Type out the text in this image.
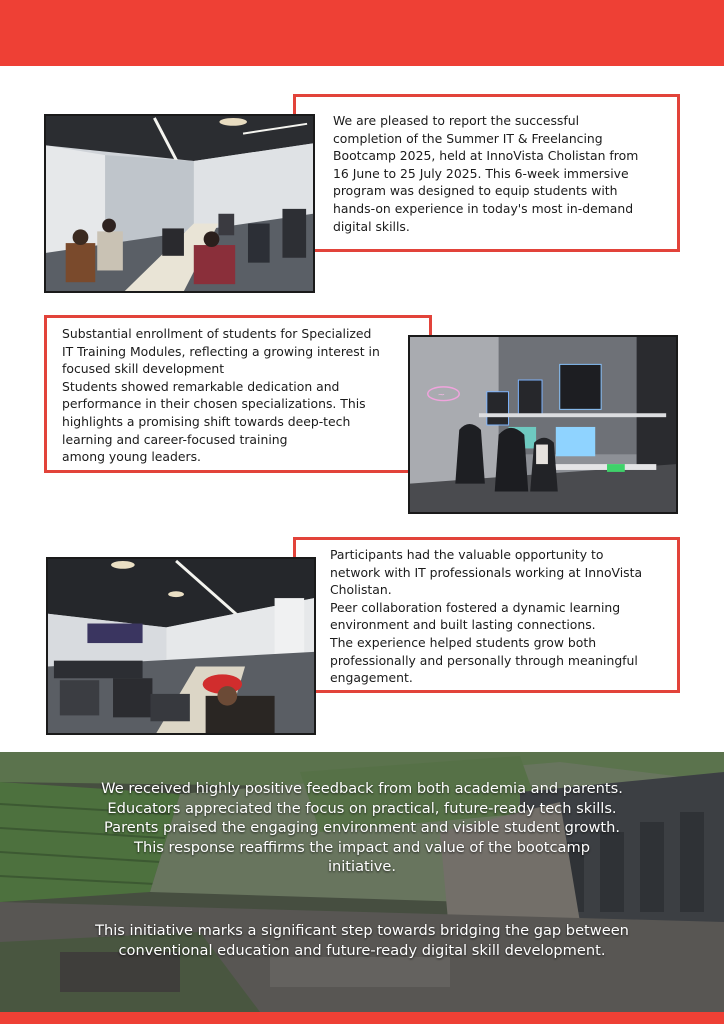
We are pleased to report the successful

completion of the Summer IT & Freelancing

Bootcamp 2025, held at InnoVista Cholistan from

16 June to 25 July 2025. This 6-week immersive

program was designed to equip students with

hands-on experience in today's most in-demand

digital skills.

Substantial enrollment of students for Specialized

IT Training Modules, reflecting a growing interest in

focused skill development

Students showed remarkable dedication and

performance in their chosen specializations. This

highlights a promising shift towards deep-tech

learning and career-focused training

among young leaders.

~

Participants had the valuable opportunity to

network with IT professionals working at InnoVista

Cholistan.

Peer collaboration fostered a dynamic learning

environment and built lasting connections.

The experience helped students grow both

professionally and personally through meaningful

engagement.

We received highly positive feedback from both academia and parents.

Educators appreciated the focus on practical, future-ready tech skills.

Parents praised the engaging environment and visible student growth.

This response reaffirms the impact and value of the bootcamp

initiative.

This initiative marks a significant step towards bridging the gap between

conventional education and future-ready digital skill development.
